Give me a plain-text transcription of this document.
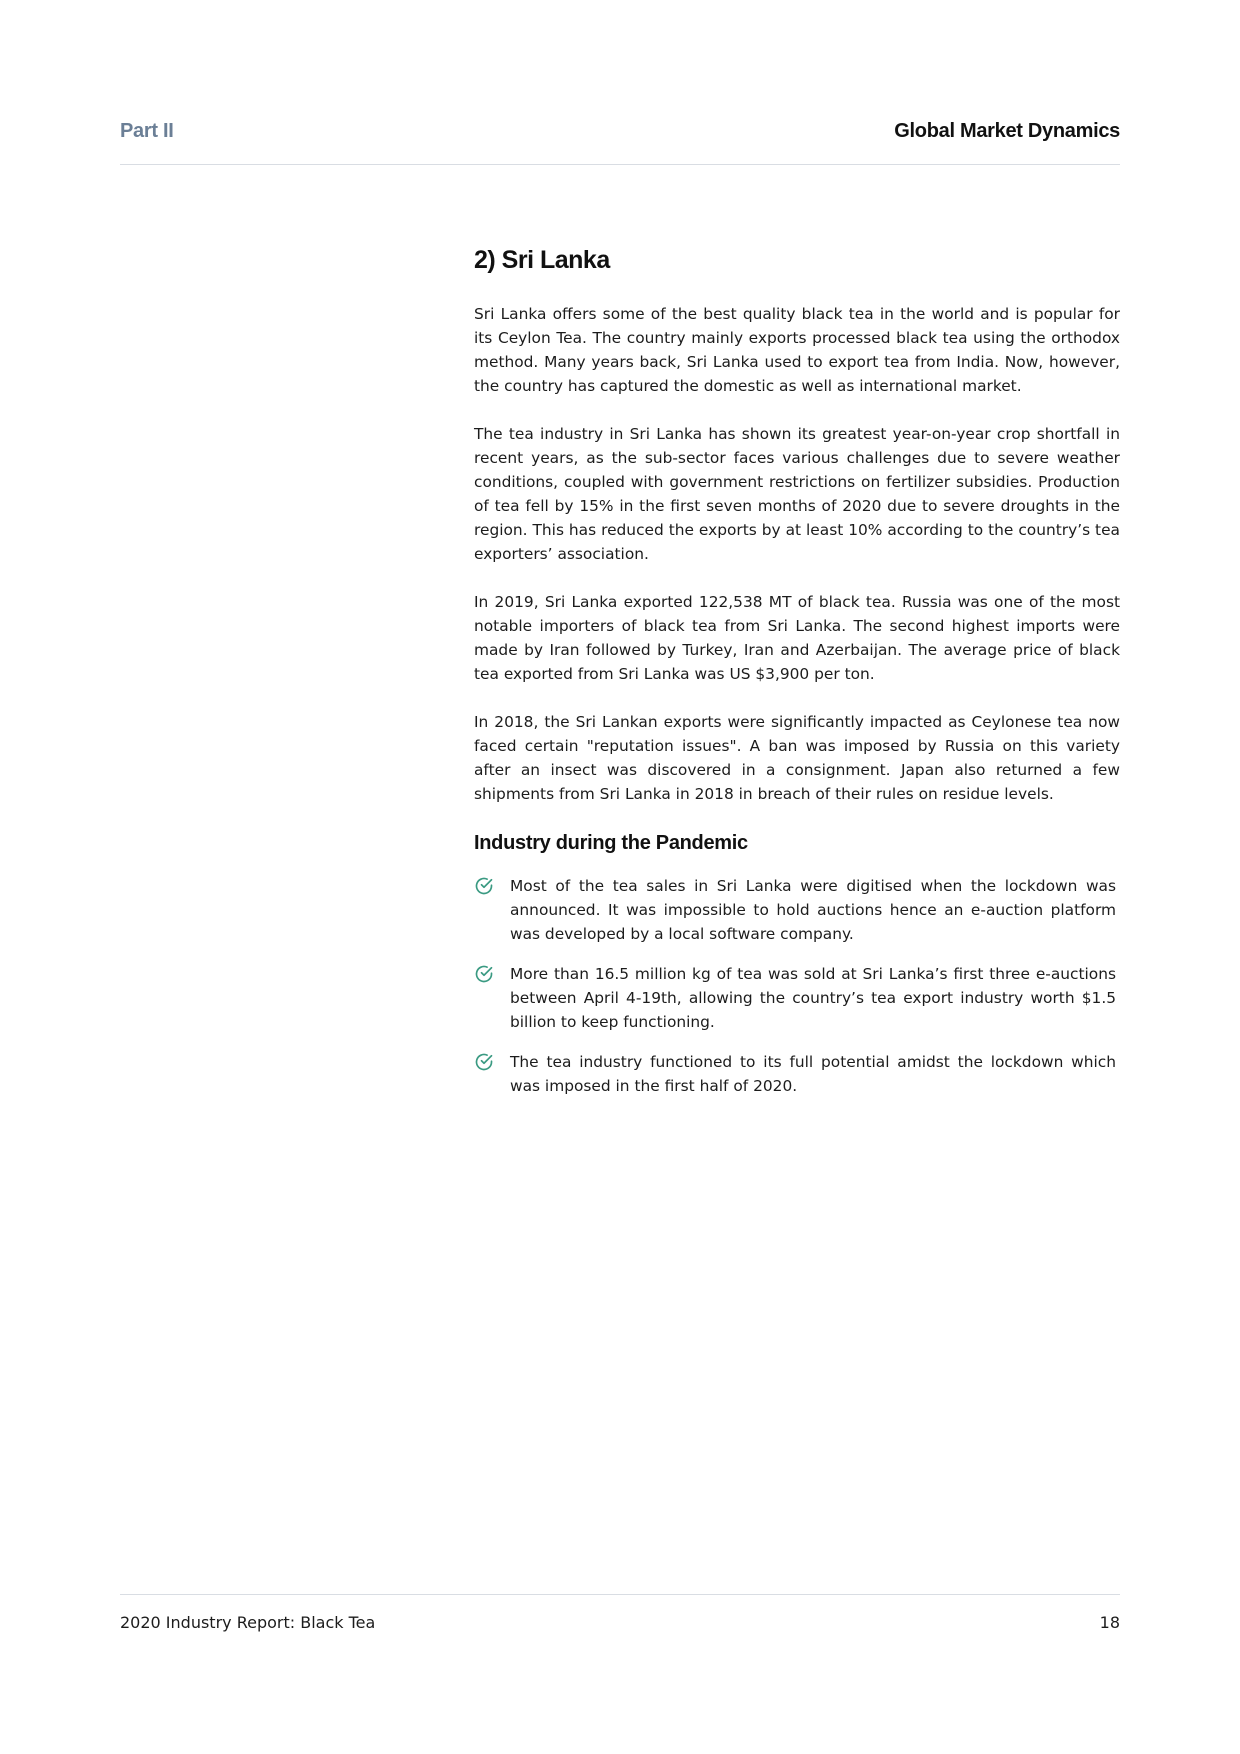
Part II	Global Market Dynamics
2) Sri Lanka

Sri Lanka offers some of the best quality black tea in the world and is popular for its Ceylon Tea. The country mainly exports processed black tea using the orthodox method. Many years back, Sri Lanka used to export tea from India. Now, however, the country has captured the domestic as well as international market.

The tea industry in Sri Lanka has shown its greatest year-on-year crop shortfall in recent years, as the sub-sector faces various challenges due to severe weather conditions, coupled with government restrictions on fertilizer subsidies. Production of tea fell by 15% in the first seven months of 2020 due to severe droughts in the region. This has reduced the exports by at least 10% according to the country’s tea exporters’ association.

In 2019, Sri Lanka exported 122,538 MT of black tea. Russia was one of the most notable importers of black tea from Sri Lanka. The second highest imports were made by Iran followed by Turkey, Iran and Azerbaijan. The average price of black tea exported from Sri Lanka was US $3,900 per ton.

In 2018, the Sri Lankan exports were significantly impacted as Ceylonese tea now faced certain "reputation issues". A ban was imposed by Russia on this variety after an insect was discovered in a consignment. Japan also returned a few shipments from Sri Lanka in 2018 in breach of their rules on residue levels.

Industry during the Pandemic
Most of the tea sales in Sri Lanka were digitised when the lockdown was announced. It was impossible to hold auctions hence an e-auction platform was developed by a local software company.
More than 16.5 million kg of tea was sold at Sri Lanka’s first three e-auctions between April 4-19th, allowing the country’s tea export industry worth $1.5 billion to keep functioning.
The tea industry functioned to its full potential amidst the lockdown which was imposed in the first half of 2020.
2020 Industry Report: Black Tea	18
